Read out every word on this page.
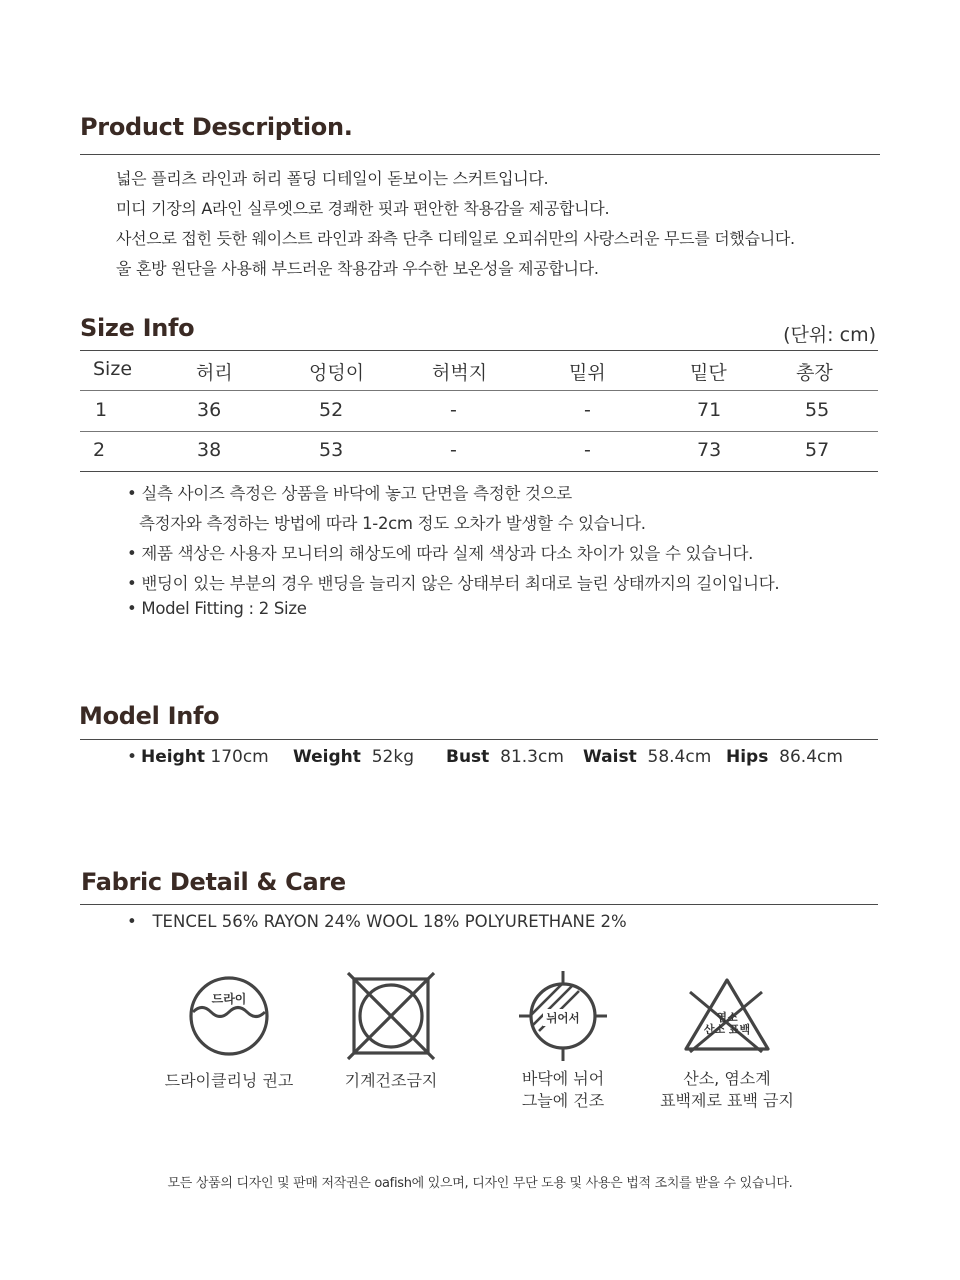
Product Description.
넓은 플리츠 라인과 허리 폴딩 디테일이 돋보이는 스커트입니다.
미디 기장의 A라인 실루엣으로 경쾌한 핏과 편안한 착용감을 제공합니다.
사선으로 접힌 듯한 웨이스트 라인과 좌측 단추 디테일로 오피쉬만의 사랑스러운 무드를 더했습니다.
울 혼방 원단을 사용해 부드러운 착용감과 우수한 보온성을 제공합니다.
Size Info	(단위: cm)
Size	허리	엉덩이	허벅지	밑위	밑단	총장
1	36	52	-	-	71	55
2	38	53	-	-	73	57
• 실측 사이즈 측정은 상품을 바닥에 놓고 단면을 측정한 것으로
측정자와 측정하는 방법에 따라 1-2cm 정도 오차가 발생할 수 있습니다.
• 제품 색상은 사용자 모니터의 해상도에 따라 실제 색상과 다소 차이가 있을 수 있습니다.
• 밴딩이 있는 부분의 경우 밴딩을 늘리지 않은 상태부터 최대로 늘린 상태까지의 길이입니다.
• Model Fitting : 2 Size
Model Info
• Height 170cm Weight 52kg Bust 81.3cm Waist 58.4cm Hips 86.4cm
Fabric Detail & Care
•   TENCEL 56% RAYON 24% WOOL 18% POLYURETHANE 2%
드라이
드라이클리닝 권고	기계건조금지
뉘어서
바닥에 뉘어
그늘에 건조
염소
산소 표백
산소, 염소계
표백제로 표백 금지
모든 상품의 디자인 및 판매 저작권은 oafish에 있으며, 디자인 무단 도용 및 사용은 법적 조치를 받을 수 있습니다.
